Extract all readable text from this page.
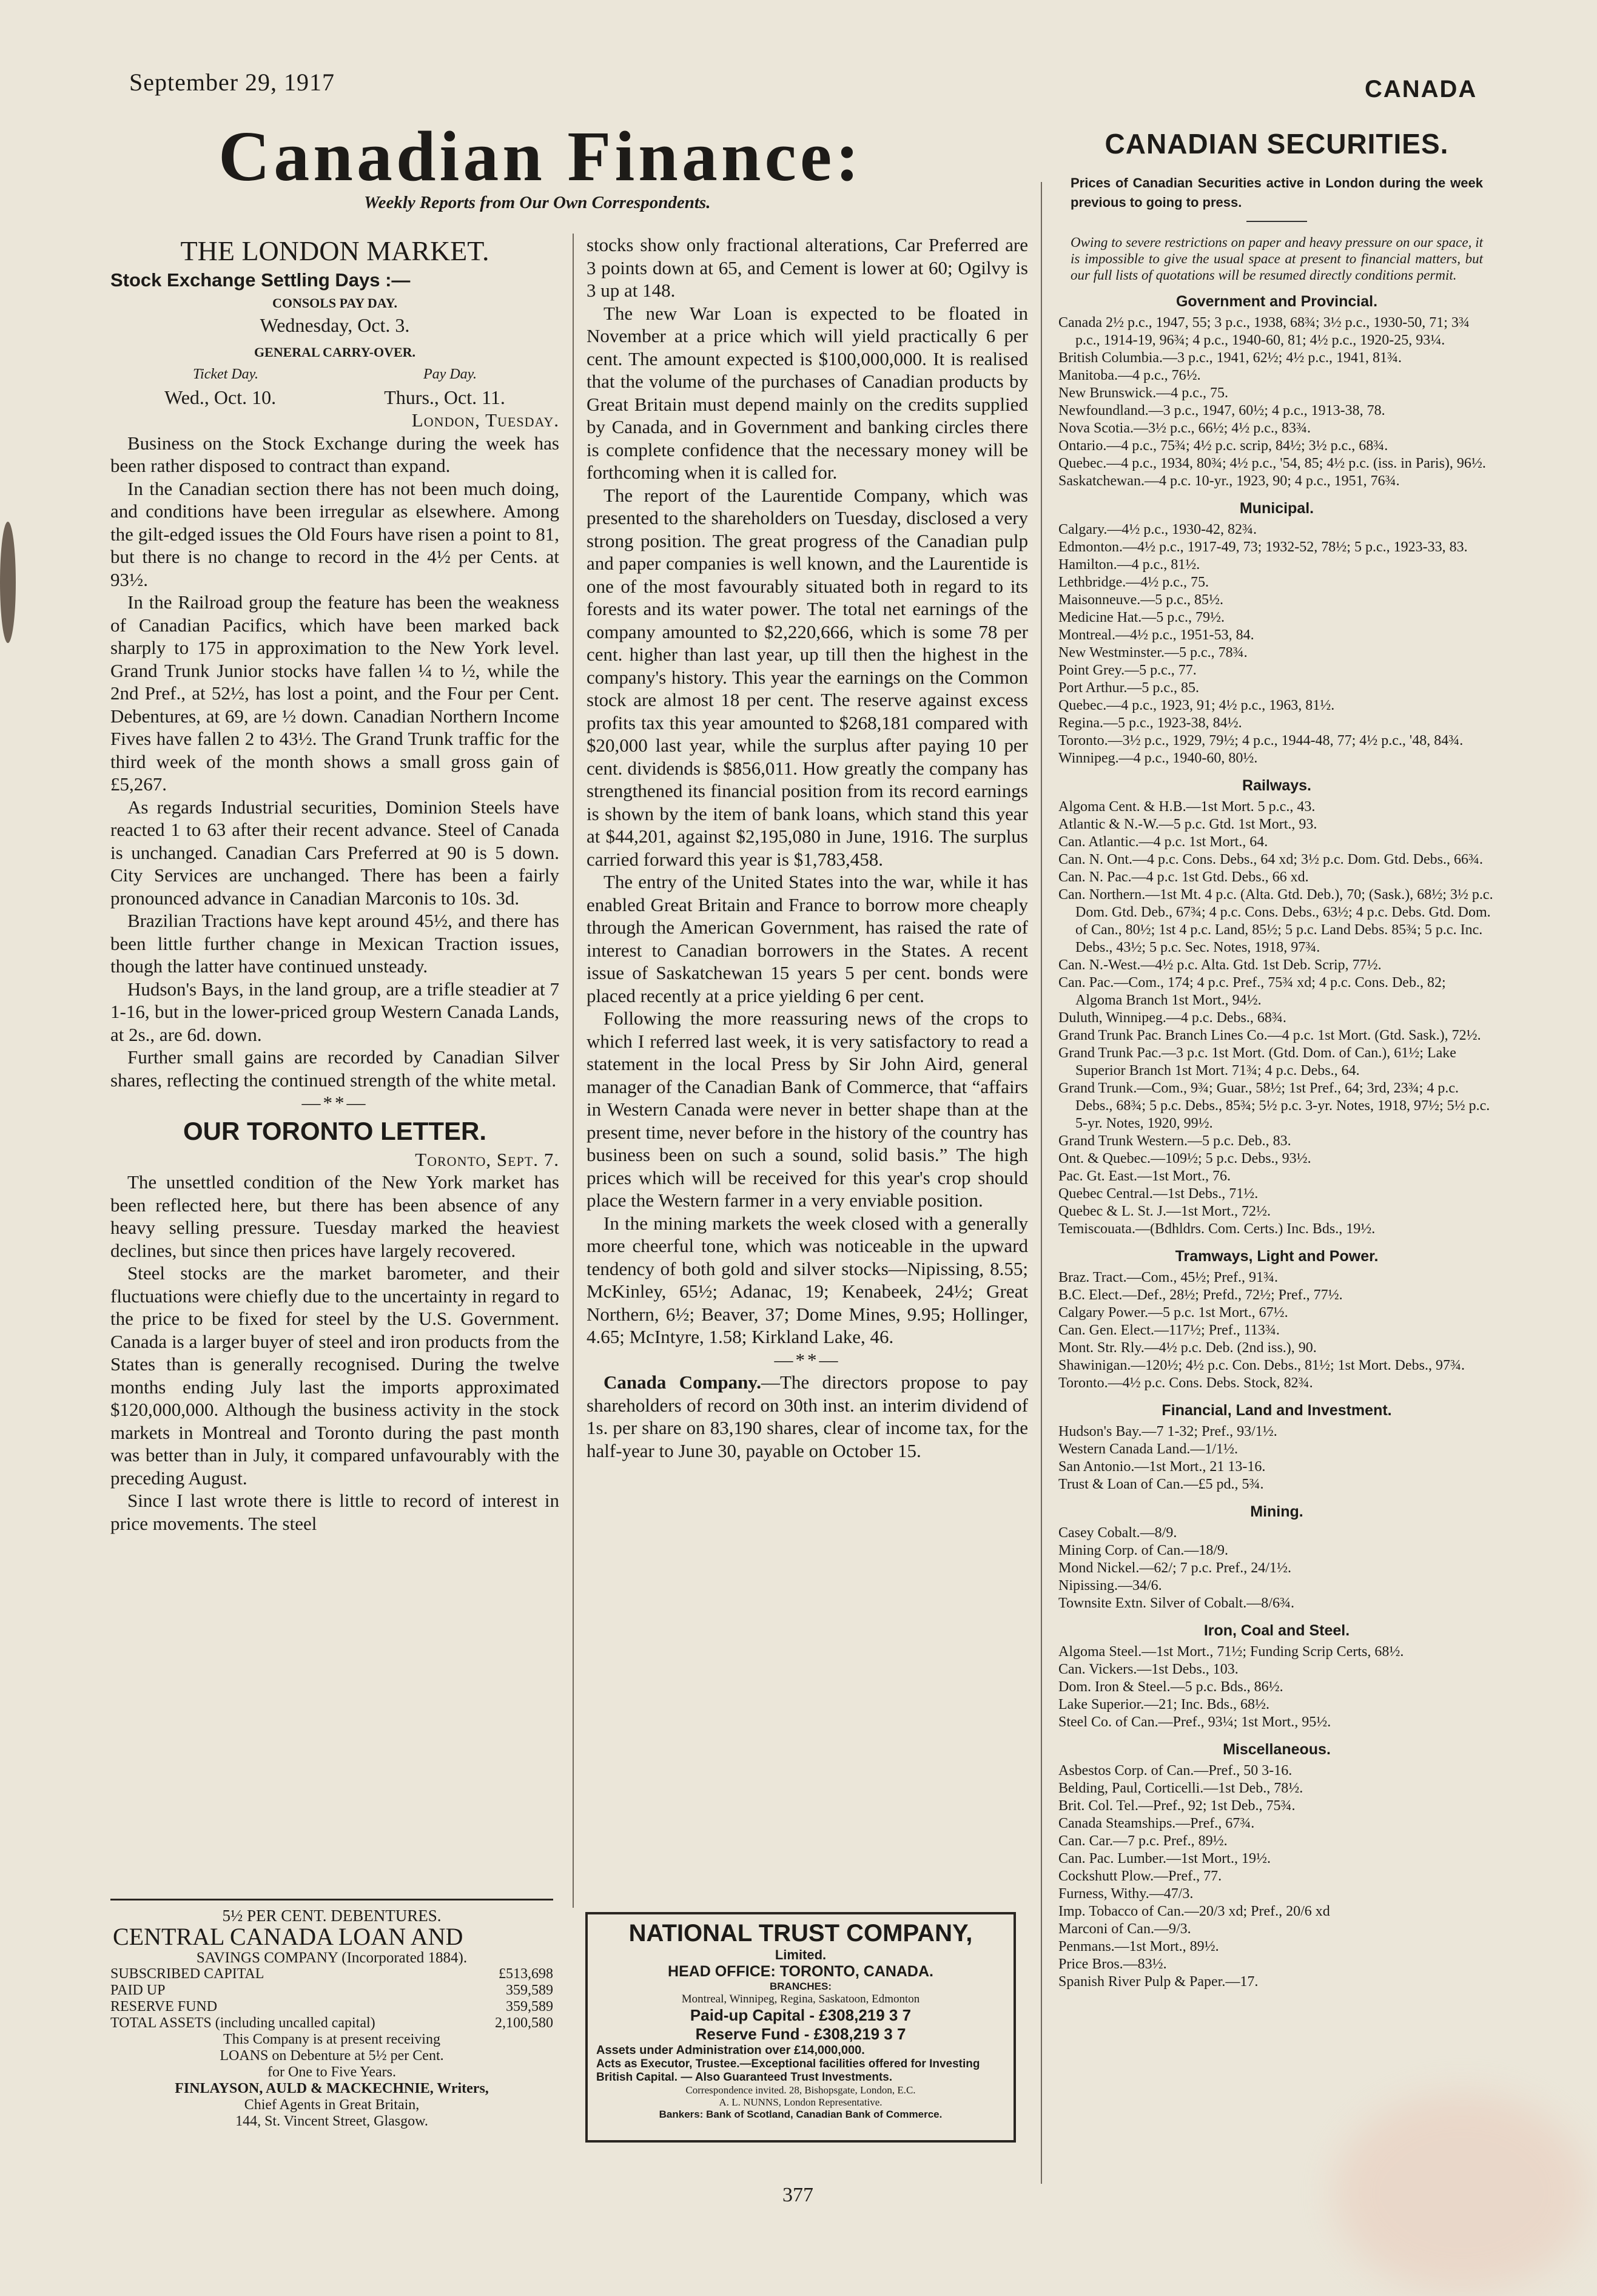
September 29, 1917	CANADA
Canadian Finance:
Weekly Reports from Our Own Correspondents.
THE LONDON MARKET.
Stock Exchange Settling Days :—
CONSOLS PAY DAY.
Wednesday, Oct. 3.
GENERAL CARRY-OVER.
Ticket Day.	Pay Day.
Wed., Oct. 10.	Thurs., Oct. 11.
London, Tuesday.

Business on the Stock Exchange during the week has been rather disposed to contract than expand.

In the Canadian section there has not been much doing, and conditions have been irregular as elsewhere. Among the gilt-edged issues the Old Fours have risen a point to 81, but there is no change to record in the 4½ per Cents. at 93½.

In the Railroad group the feature has been the weakness of Canadian Pacifics, which have been marked back sharply to 175 in approximation to the New York level. Grand Trunk Junior stocks have fallen ¼ to ½, while the 2nd Pref., at 52½, has lost a point, and the Four per Cent. Debentures, at 69, are ½ down. Canadian Northern Income Fives have fallen 2 to 43½. The Grand Trunk traffic for the third week of the month shows a small gross gain of £5,267.

As regards Industrial securities, Dominion Steels have reacted 1 to 63 after their recent advance. Steel of Canada is unchanged. Canadian Cars Preferred at 90 is 5 down. City Services are unchanged. There has been a fairly pronounced advance in Canadian Marconis to 10s. 3d.

Brazilian Tractions have kept around 45½, and there has been little further change in Mexican Traction issues, though the latter have continued unsteady.

Hudson's Bays, in the land group, are a trifle steadier at 7 1-16, but in the lower-priced group Western Canada Lands, at 2s., are 6d. down.

Further small gains are recorded by Canadian Silver shares, reflecting the continued strength of the white metal.

—**—
OUR TORONTO LETTER.
Toronto, Sept. 7.

The unsettled condition of the New York market has been reflected here, but there has been absence of any heavy selling pressure. Tuesday marked the heaviest declines, but since then prices have largely recovered.

Steel stocks are the market barometer, and their fluctuations were chiefly due to the uncertainty in regard to the price to be fixed for steel by the U.S. Government. Canada is a larger buyer of steel and iron products from the States than is generally recognised. During the twelve months ending July last the imports approximated $120,000,000. Although the business activity in the stock markets in Montreal and Toronto during the past month was better than in July, it compared unfavourably with the preceding August.

Since I last wrote there is little to record of interest in price movements. The steel

stocks show only fractional alterations, Car Preferred are 3 points down at 65, and Cement is lower at 60; Ogilvy is 3 up at 148.

The new War Loan is expected to be floated in November at a price which will yield practically 6 per cent. The amount expected is $100,000,000. It is realised that the volume of the purchases of Canadian products by Great Britain must depend mainly on the credits supplied by Canada, and in Government and banking circles there is complete confidence that the necessary money will be forthcoming when it is called for.

The report of the Laurentide Company, which was presented to the shareholders on Tuesday, disclosed a very strong position. The great progress of the Canadian pulp and paper companies is well known, and the Laurentide is one of the most favourably situated both in regard to its forests and its water power. The total net earnings of the company amounted to $2,220,666, which is some 78 per cent. higher than last year, up till then the highest in the company's history. This year the earnings on the Common stock are almost 18 per cent. The reserve against excess profits tax this year amounted to $268,181 compared with $20,000 last year, while the surplus after paying 10 per cent. dividends is $856,011. How greatly the company has strengthened its financial position from its record earnings is shown by the item of bank loans, which stand this year at $44,201, against $2,195,080 in June, 1916. The surplus carried forward this year is $1,783,458.

The entry of the United States into the war, while it has enabled Great Britain and France to borrow more cheaply through the American Government, has raised the rate of interest to Canadian borrowers in the States. A recent issue of Saskatchewan 15 years 5 per cent. bonds were placed recently at a price yielding 6 per cent.

Following the more reassuring news of the crops to which I referred last week, it is very satisfactory to read a statement in the local Press by Sir John Aird, general manager of the Canadian Bank of Commerce, that “affairs in Western Canada were never in better shape than at the present time, never before in the history of the country has business been on such a sound, solid basis.” The high prices which will be received for this year's crop should place the Western farmer in a very enviable position.

In the mining markets the week closed with a generally more cheerful tone, which was noticeable in the upward tendency of both gold and silver stocks—Nipissing, 8.55; McKinley, 65½; Adanac, 19; Kenabeek, 24½; Great Northern, 6½; Beaver, 37; Dome Mines, 9.95; Hollinger, 4.65; McIntyre, 1.58; Kirkland Lake, 46.

—**—

Canada Company.—The directors propose to pay shareholders of record on 30th inst. an interim dividend of 1s. per share on 83,190 shares, clear of income tax, for the half-year to June 30, payable on October 15.

CANADIAN SECURITIES.
Prices of Canadian Securities active in London during the week previous to going to press.
Owing to severe restrictions on paper and heavy pressure on our space, it is impossible to give the usual space at present to financial matters, but our full lists of quotations will be resumed directly conditions permit.
Government and Provincial.

Canada 2½ p.c., 1947, 55; 3 p.c., 1938, 68¾; 3½ p.c., 1930-50, 71; 3¾ p.c., 1914-19, 96¾; 4 p.c., 1940-60, 81; 4½ p.c., 1920-25, 93¼.

British Columbia.—3 p.c., 1941, 62½; 4½ p.c., 1941, 81¾.

Manitoba.—4 p.c., 76½.

New Brunswick.—4 p.c., 75.

Newfoundland.—3 p.c., 1947, 60½; 4 p.c., 1913-38, 78.

Nova Scotia.—3½ p.c., 66½; 4½ p.c., 83¾.

Ontario.—4 p.c., 75¾; 4½ p.c. scrip, 84½; 3½ p.c., 68¾.

Quebec.—4 p.c., 1934, 80¾; 4½ p.c., '54, 85; 4½ p.c. (iss. in Paris), 96½.

Saskatchewan.—4 p.c. 10-yr., 1923, 90; 4 p.c., 1951, 76¾.

Municipal.

Calgary.—4½ p.c., 1930-42, 82¾.

Edmonton.—4½ p.c., 1917-49, 73; 1932-52, 78½; 5 p.c., 1923-33, 83.

Hamilton.—4 p.c., 81½.

Lethbridge.—4½ p.c., 75.

Maisonneuve.—5 p.c., 85½.

Medicine Hat.—5 p.c., 79½.

Montreal.—4½ p.c., 1951-53, 84.

New Westminster.—5 p.c., 78¾.

Point Grey.—5 p.c., 77.

Port Arthur.—5 p.c., 85.

Quebec.—4 p.c., 1923, 91; 4½ p.c., 1963, 81½.

Regina.—5 p.c., 1923-38, 84½.

Toronto.—3½ p.c., 1929, 79½; 4 p.c., 1944-48, 77; 4½ p.c., '48, 84¾.

Winnipeg.—4 p.c., 1940-60, 80½.

Railways.

Algoma Cent. & H.B.—1st Mort. 5 p.c., 43.

Atlantic & N.-W.—5 p.c. Gtd. 1st Mort., 93.

Can. Atlantic.—4 p.c. 1st Mort., 64.

Can. N. Ont.—4 p.c. Cons. Debs., 64 xd; 3½ p.c. Dom. Gtd. Debs., 66¾.

Can. N. Pac.—4 p.c. 1st Gtd. Debs., 66 xd.

Can. Northern.—1st Mt. 4 p.c. (Alta. Gtd. Deb.), 70; (Sask.), 68½; 3½ p.c. Dom. Gtd. Deb., 67¾; 4 p.c. Cons. Debs., 63½; 4 p.c. Debs. Gtd. Dom. of Can., 80½; 1st 4 p.c. Land, 85½; 5 p.c. Land Debs. 85¾; 5 p.c. Inc. Debs., 43½; 5 p.c. Sec. Notes, 1918, 97¾.

Can. N.-West.—4½ p.c. Alta. Gtd. 1st Deb. Scrip, 77½.

Can. Pac.—Com., 174; 4 p.c. Pref., 75¾ xd; 4 p.c. Cons. Deb., 82; Algoma Branch 1st Mort., 94½.

Duluth, Winnipeg.—4 p.c. Debs., 68¾.

Grand Trunk Pac. Branch Lines Co.—4 p.c. 1st Mort. (Gtd. Sask.), 72½.

Grand Trunk Pac.—3 p.c. 1st Mort. (Gtd. Dom. of Can.), 61½; Lake Superior Branch 1st Mort. 71¾; 4 p.c. Debs., 64.

Grand Trunk.—Com., 9¾; Guar., 58½; 1st Pref., 64; 3rd, 23¾; 4 p.c. Debs., 68¾; 5 p.c. Debs., 85¾; 5½ p.c. 3-yr. Notes, 1918, 97½; 5½ p.c. 5-yr. Notes, 1920, 99½.

Grand Trunk Western.—5 p.c. Deb., 83.

Ont. & Quebec.—109½; 5 p.c. Debs., 93½.

Pac. Gt. East.—1st Mort., 76.

Quebec Central.—1st Debs., 71½.

Quebec & L. St. J.—1st Mort., 72½.

Temiscouata.—(Bdhldrs. Com. Certs.) Inc. Bds., 19½.

Tramways, Light and Power.

Braz. Tract.—Com., 45½; Pref., 91¾.

B.C. Elect.—Def., 28½; Prefd., 72½; Pref., 77½.

Calgary Power.—5 p.c. 1st Mort., 67½.

Can. Gen. Elect.—117½; Pref., 113¾.

Mont. Str. Rly.—4½ p.c. Deb. (2nd iss.), 90.

Shawinigan.—120½; 4½ p.c. Con. Debs., 81½; 1st Mort. Debs., 97¾.

Toronto.—4½ p.c. Cons. Debs. Stock, 82¾.

Financial, Land and Investment.

Hudson's Bay.—7 1-32; Pref., 93/1½.

Western Canada Land.—1/1½.

San Antonio.—1st Mort., 21 13-16.

Trust & Loan of Can.—£5 pd., 5¾.

Mining.

Casey Cobalt.—8/9.

Mining Corp. of Can.—18/9.

Mond Nickel.—62/; 7 p.c. Pref., 24/1½.

Nipissing.—34/6.

Townsite Extn. Silver of Cobalt.—8/6¾.

Iron, Coal and Steel.

Algoma Steel.—1st Mort., 71½; Funding Scrip Certs, 68½.

Can. Vickers.—1st Debs., 103.

Dom. Iron & Steel.—5 p.c. Bds., 86½.

Lake Superior.—21; Inc. Bds., 68½.

Steel Co. of Can.—Pref., 93¼; 1st Mort., 95½.

Miscellaneous.

Asbestos Corp. of Can.—Pref., 50 3-16.

Belding, Paul, Corticelli.—1st Deb., 78½.

Brit. Col. Tel.—Pref., 92; 1st Deb., 75¾.

Canada Steamships.—Pref., 67¾.

Can. Car.—7 p.c. Pref., 89½.

Can. Pac. Lumber.—1st Mort., 19½.

Cockshutt Plow.—Pref., 77.

Furness, Withy.—47/3.

Imp. Tobacco of Can.—20/3 xd; Pref., 20/6 xd

Marconi of Can.—9/3.

Penmans.—1st Mort., 89½.

Price Bros.—83½.

Spanish River Pulp & Paper.—17.

5½ PER CENT. DEBENTURES.
CENTRAL CANADA LOAN AND
SAVINGS COMPANY (Incorporated 1884).
SUBSCRIBED CAPITAL	£513,698
PAID UP	359,589
RESERVE FUND	359,589
TOTAL ASSETS (including uncalled capital)	2,100,580
This Company is at present receiving
LOANS on Debenture at 5½ per Cent.
for One to Five Years.
FINLAYSON, AULD & MACKECHNIE, Writers,
Chief Agents in Great Britain,
144, St. Vincent Street, Glasgow.
NATIONAL TRUST COMPANY,
Limited.
HEAD OFFICE: TORONTO, CANADA.
BRANCHES:
Montreal, Winnipeg, Regina, Saskatoon, Edmonton
Paid-up Capital - £308,219 3 7
Reserve Fund - £308,219 3 7
Assets under Administration over £14,000,000.
Acts as Executor, Trustee.—Exceptional facilities offered for Investing British Capital. — Also Guaranteed Trust Investments.
Correspondence invited. 28, Bishopsgate, London, E.C.
A. L. NUNNS, London Representative.
Bankers: Bank of Scotland, Canadian Bank of Commerce.
377
